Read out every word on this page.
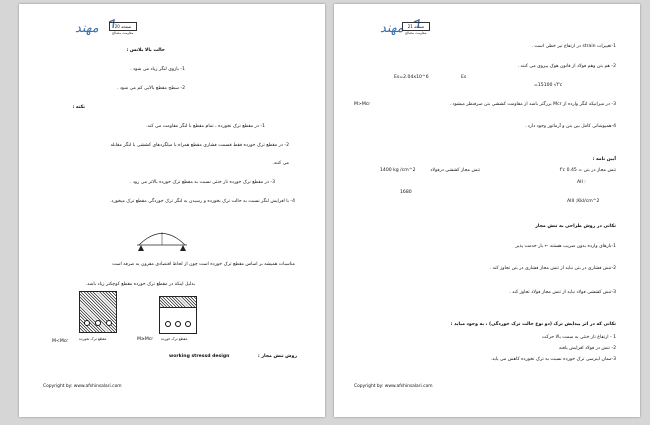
ﻣﻬﻨﺪ	صفحه 20
مقاومت مصالح
حالت بالا بلانس :
1- بازوی لنگر زیاد می شود .
2- سطح مقطع بالایی کم می شود .
نکته :
1- در مقطع ترک نخورده ، تمام مقطع با لنگر مقاومت می کند.
2- در مقطع ترک خورده فقط قسمت فشاری مقطع همراه با میلگردهای کششی با لنگر مقابله
می کنند.
3- در مقطع ترک خورده تار خنثی نسبت به مقطع ترک خورده بالاتر می رود .
4- با افزایش لنگر نسبت به حالت ترک نخورده و رسیدن به لنگر ترک خوردگی مقطع ترک میخورد.
مناسبات همیشه بر اساس مقطع ترک خورده است چون از لحاظ اقتصادی مقرون به صرفه است
بدلیل اینکه در مقطع ترک خورده مقطع کوچکتر زیاد باشد.
مقطع ترک نخورده	مقطع ترک خورده
M<Mcr	M≥Mcr
روش تنش مجاز :
working stressd design
Copyright by: www.afshinsalari.com
ﻣﻬﻨﺪ	صفحه 21
مقاومت مصالح
1-تغییرات strain در ارتفاع تیر خطی است .
2- هم بتن وهم فولاد از قانون هوک پیروی می کنند .
Es=2.04x10^6	Es
=15100 √f'c
3- در میزانیکه لنگر وارده از Mcr بزرگتر باشد از مقاومت کششی بتن صرفنظر میشود .
M>Mcr
4-همپوشانی کامل بین بتن و آرماتور وجود دارد .
آیین نامه :
تنش مجاز در بتن = 0.45 f'c
تنش مجاز کششی درفولاد
1400 kg /cm^2
AII :
1680
AIII ;Kkl/cm^2
نکاتی در روش طراحی به تنش مجاز
1-بارهای وارده بدون ضریب هستند ← بار خدمت پذیر
2-تنش فشاری در بتن نباید از تنش مجاز فشاری در بتن تجاوز کند .
3-تنش کششی فولاد نباید از تنش مجاز فولاد تجاوز کند .
نکاتی که در اثر پیدایش ترک (دو نوع حالت ترک خوردگی) ، به وجود میاید :
1 - ارتفاع تار خنثی به سمت بالا حرکت
2- تنش در فولاد افزایش یافته
3-ممان اینرسی ترک خورده نسبت به ترک نخورده کاهش می یابد.
Copyright by: www.afshinsalari.com
